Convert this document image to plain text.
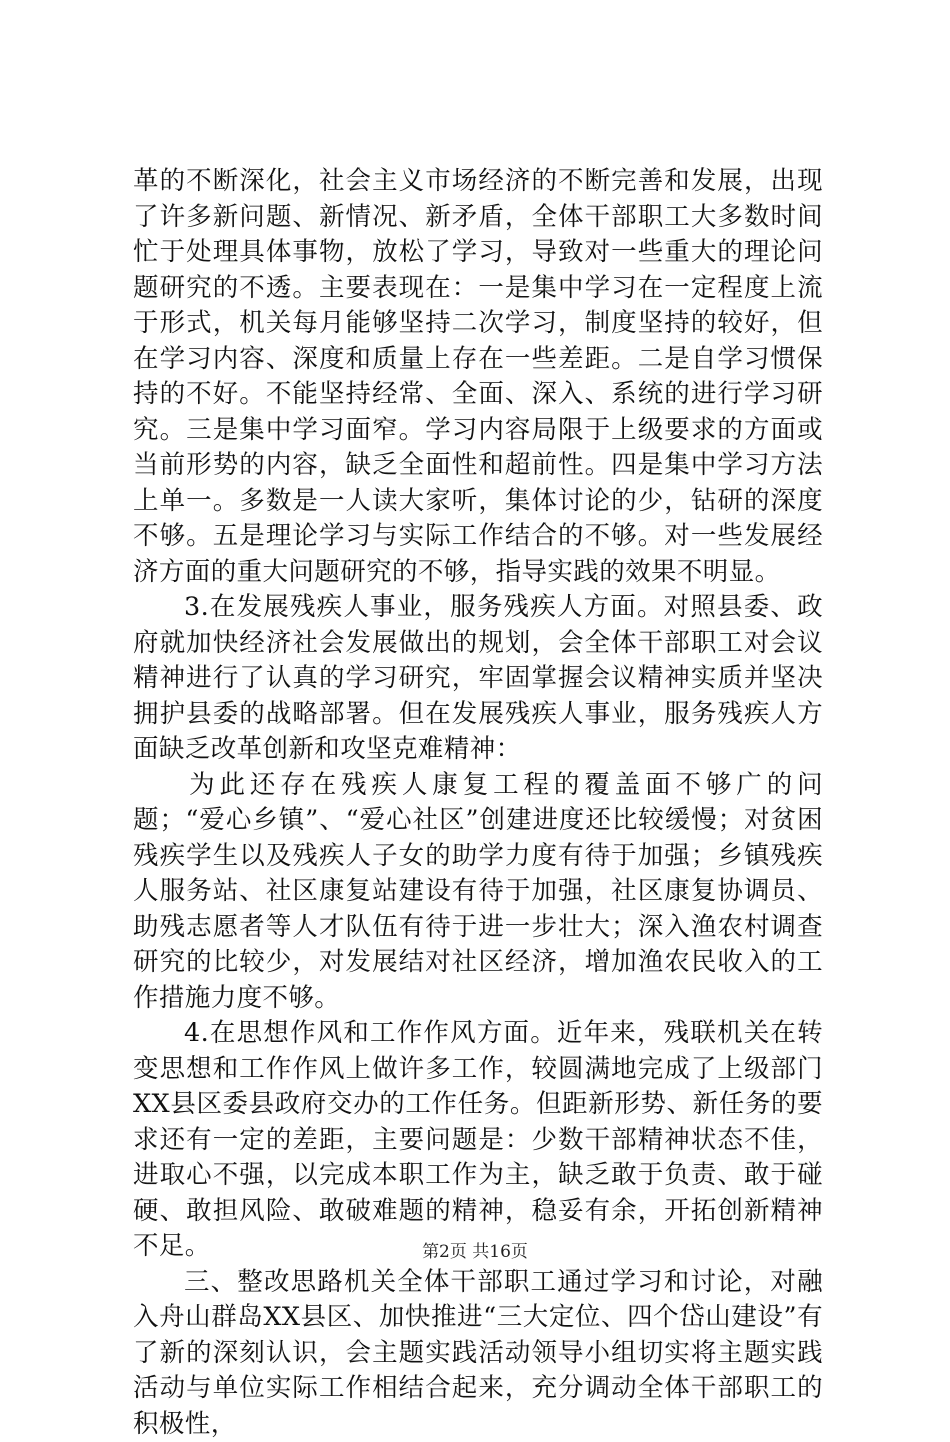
革的不断深化，社会主义市场经济的不断完善和发展，出现了许多新问题、新情况、新矛盾，全体干部职工大多数时间忙于处理具体事物，放松了学习，导致对一些重大的理论问题研究的不透。主要表现在：一是集中学习在一定程度上流于形式，机关每月能够坚持二次学习，制度坚持的较好，但在学习内容、深度和质量上存在一些差距。二是自学习惯保持的不好。不能坚持经常、全面、深入、系统的进行学习研究。三是集中学习面窄。学习内容局限于上级要求的方面或当前形势的内容，缺乏全面性和超前性。四是集中学习方法上单一。多数是一人读大家听，集体讨论的少，钻研的深度不够。五是理论学习与实际工作结合的不够。对一些发展经济方面的重大问题研究的不够，指导实践的效果不明显。

3.在发展残疾人事业，服务残疾人方面。对照县委、政府就加快经济社会发展做出的规划，会全体干部职工对会议精神进行了认真的学习研究，牢固掌握会议精神实质并坚决拥护县委的战略部署。但在发展残疾人事业，服务残疾人方面缺乏改革创新和攻坚克难精神：

为此还存在残疾人康复工程的覆盖面不够广的问题；“爱心乡镇”、“爱心社区”创建进度还比较缓慢；对贫困残疾学生以及残疾人子女的助学力度有待于加强；乡镇残疾人服务站、社区康复站建设有待于加强，社区康复协调员、助残志愿者等人才队伍有待于进一步壮大；深入渔农村调查研究的比较少，对发展结对社区经济，增加渔农民收入的工作措施力度不够。

4.在思想作风和工作作风方面。近年来，残联机关在转变思想和工作作风上做许多工作，较圆满地完成了上级部门XX县区委县政府交办的工作任务。但距新形势、新任务的要求还有一定的差距，主要问题是：少数干部精神状态不佳，进取心不强，以完成本职工作为主，缺乏敢于负责、敢于碰硬、敢担风险、敢破难题的精神，稳妥有余，开拓创新精神不足。

三、整改思路机关全体干部职工通过学习和讨论，对融入舟山群岛XX县区、加快推进“三大定位、四个岱山建设”有了新的深刻认识，会主题实践活动领导小组切实将主题实践活动与单位实际工作相结合起来，充分调动全体干部职工的积极性，

第2页 共16页
